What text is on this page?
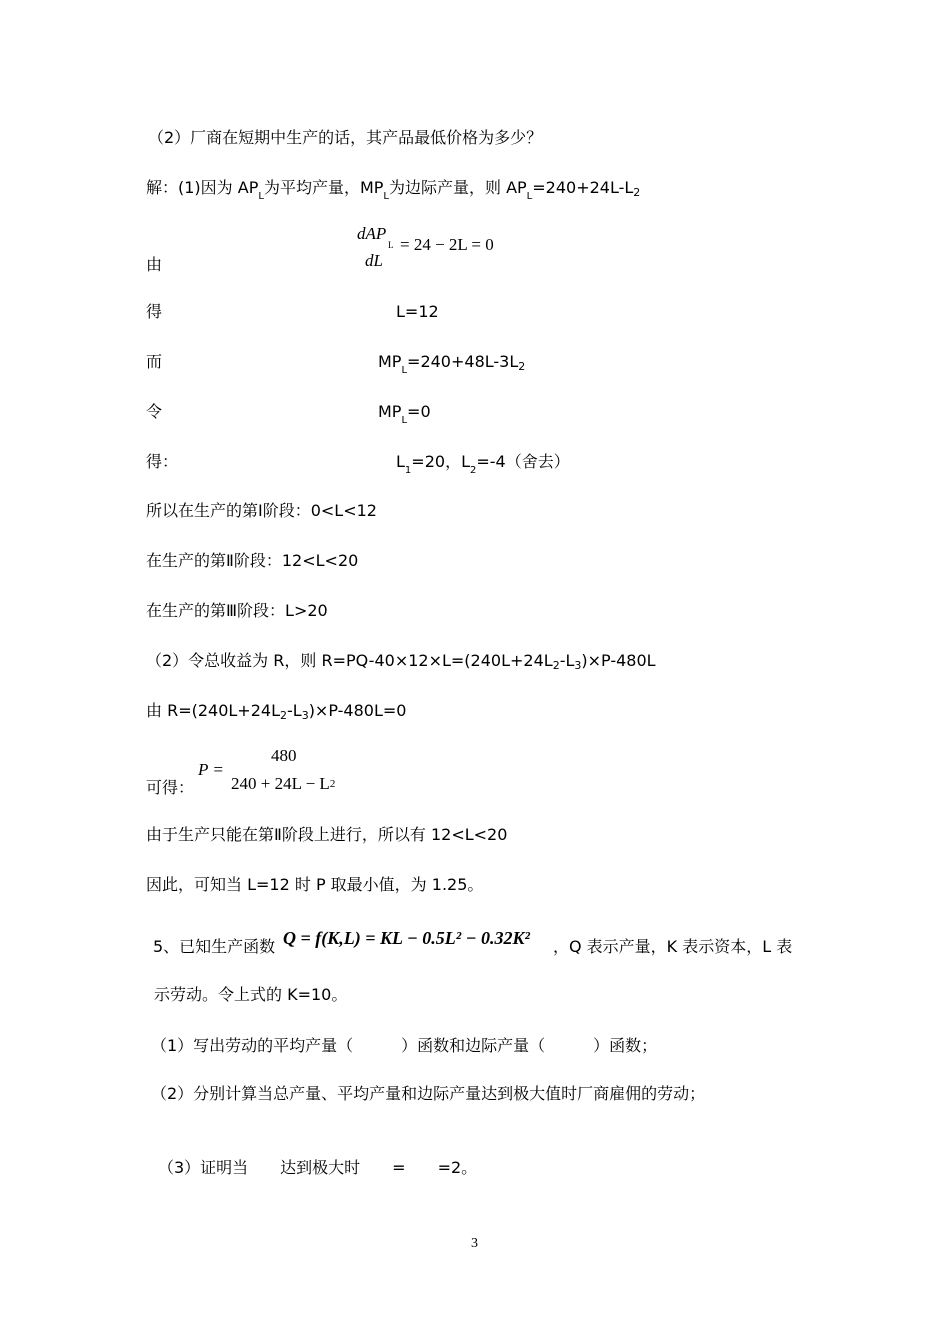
（2）厂商在短期中生产的话，其产品最低价格为多少？
解：(1)因为 $AP_L$为平均产量，$MP_L$为边际产量，则 $AP_L=240+24L-L2$
由
dAP
dL
L = 24 − 2L = 0
得	L=12
而	$MP_L=240+48L-3L2$
令	$MP_L=0$
得：	$L_1=20$，$L_2=-4$（舍去）
所以在生产的第Ⅰ阶段：0<L<12
在生产的第Ⅱ阶段：12<L<20
在生产的第Ⅲ阶段：L>20
（2）令总收益为 R，则 R=PQ-40×12×L=(240L+24L2-L3)×P-480L
由 R=(240L+24L2-L3)×P-480L=0
可得：
P =
480
240 + 24L − L2
由于生产只能在第Ⅱ阶段上进行，所以有 12<L<20
因此，可知当 L=12 时 P 取最小值，为 1.25。
5、已知生产函数 Q = f(K,L) = KL − 0.5L² − 0.32K² ，Q 表示产量，K 表示资本，L 表
示劳动。令上式的 K=10。
（1）写出劳动的平均产量（　　　）函数和边际产量（　　　）函数；
（2）分别计算当总产量、平均产量和边际产量达到极大值时厂商雇佣的劳动；
（3）证明当　　达到极大时　　=　　=2。
3
